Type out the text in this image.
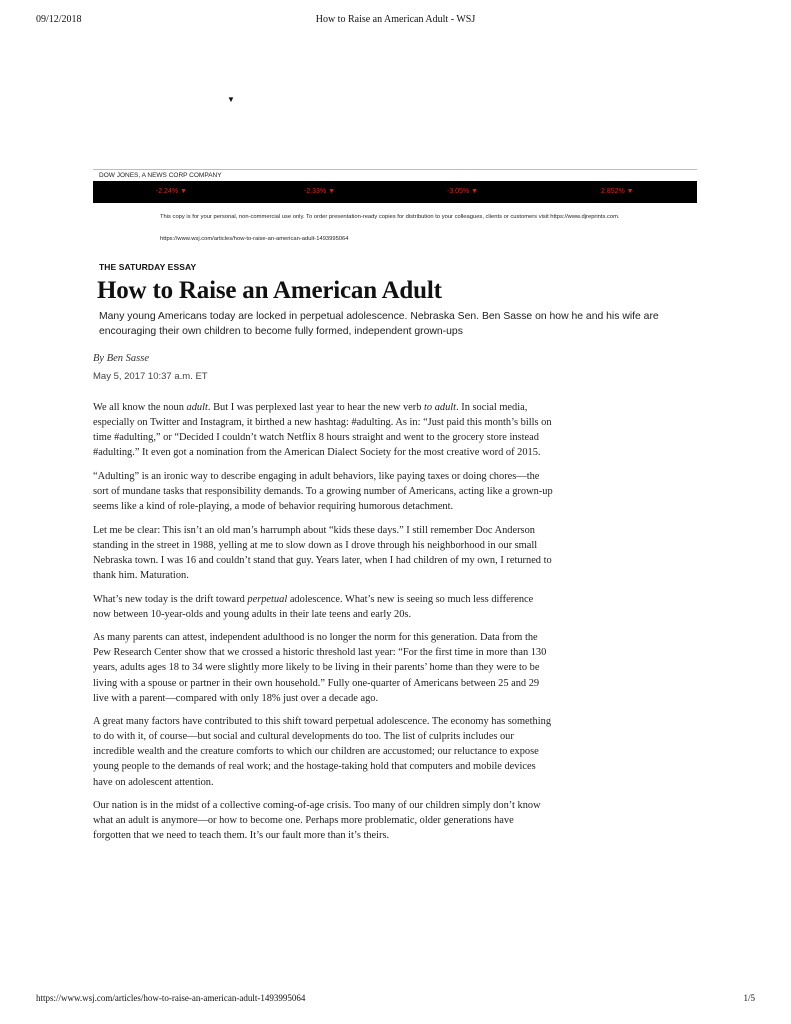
09/12/2018	How to Raise an American Adult - WSJ
▼
DOW JONES, A NEWS CORP COMPANY
-2.24% ▼	-2.33% ▼	-3.05% ▼	2.852% ▼
This copy is for your personal, non-commercial use only. To order presentation-ready copies for distribution to your colleagues, clients or customers visit https://www.djreprints.com.
https://www.wsj.com/articles/how-to-raise-an-american-adult-1493995064
THE SATURDAY ESSAY
How to Raise an American Adult
Many young Americans today are locked in perpetual adolescence. Nebraska Sen. Ben Sasse on how he and his wife are encouraging their own children to become fully formed, independent grown-ups
By Ben Sasse
May 5, 2017 10:37 a.m. ET

We all know the noun adult. But I was perplexed last year to hear the new verb to adult. In social media, especially on Twitter and Instagram, it birthed a new hashtag: #adulting. As in: “Just paid this month’s bills on time #adulting,” or “Decided I couldn’t watch Netflix 8 hours straight and went to the grocery store instead #adulting.” It even got a nomination from the American Dialect Society for the most creative word of 2015.

“Adulting” is an ironic way to describe engaging in adult behaviors, like paying taxes or doing chores—the sort of mundane tasks that responsibility demands. To a growing number of Americans, acting like a grown-up seems like a kind of role-playing, a mode of behavior requiring humorous detachment.

Let me be clear: This isn’t an old man’s harrumph about “kids these days.” I still remember Doc Anderson standing in the street in 1988, yelling at me to slow down as I drove through his neighborhood in our small Nebraska town. I was 16 and couldn’t stand that guy. Years later, when I had children of my own, I returned to thank him. Maturation.

What’s new today is the drift toward perpetual adolescence. What’s new is seeing so much less difference now between 10-year-olds and young adults in their late teens and early 20s.

As many parents can attest, independent adulthood is no longer the norm for this generation. Data from the Pew Research Center show that we crossed a historic threshold last year: “For the first time in more than 130 years, adults ages 18 to 34 were slightly more likely to be living in their parents’ home than they were to be living with a spouse or partner in their own household.” Fully one-quarter of Americans between 25 and 29 live with a parent—compared with only 18% just over a decade ago.

A great many factors have contributed to this shift toward perpetual adolescence. The economy has something to do with it, of course—but social and cultural developments do too. The list of culprits includes our incredible wealth and the creature comforts to which our children are accustomed; our reluctance to expose young people to the demands of real work; and the hostage-taking hold that computers and mobile devices have on adolescent attention.

Our nation is in the midst of a collective coming-of-age crisis. Too many of our children simply don’t know what an adult is anymore—or how to become one. Perhaps more problematic, older generations have forgotten that we need to teach them. It’s our fault more than it’s theirs.

https://www.wsj.com/articles/how-to-raise-an-american-adult-1493995064	1/5
